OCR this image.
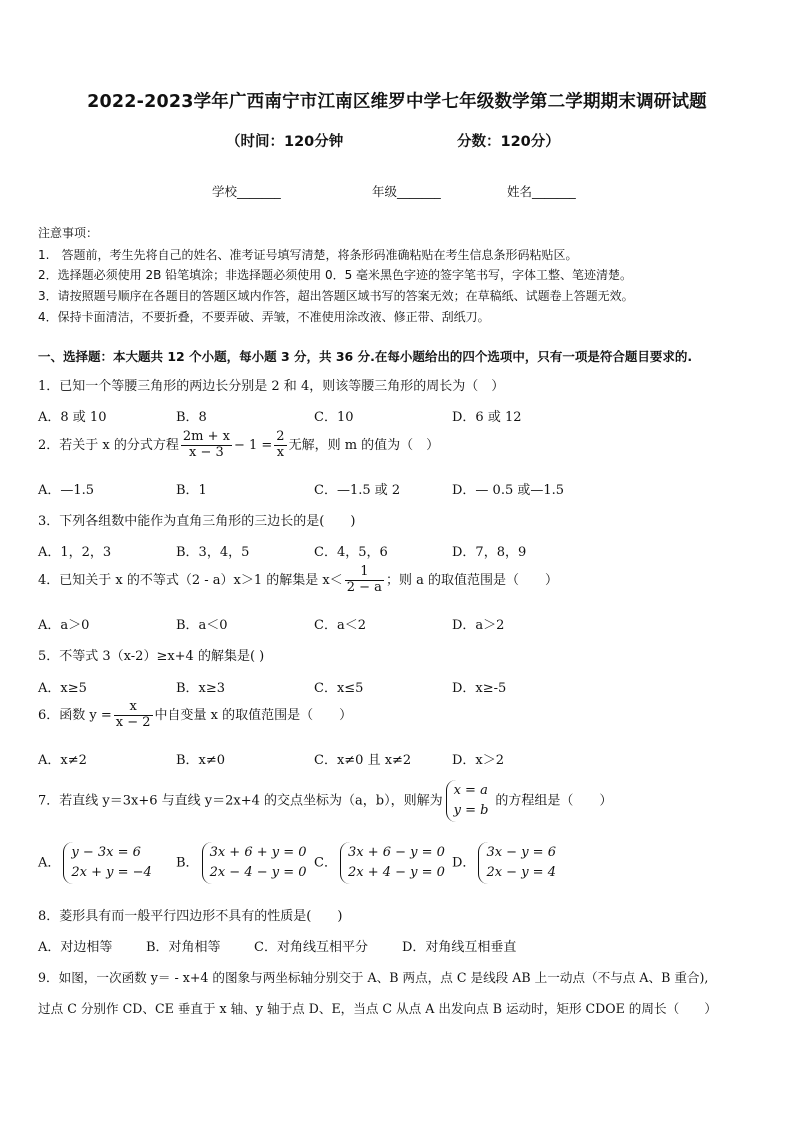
2022-2023学年广西南宁市江南区维罗中学七年级数学第二学期期末调研试题
（时间：120分钟	分数：120分）
学校_______	年级_______	姓名_______
注意事项：
1.　答题前，考生先将自己的姓名、准考证号填写清楚，将条形码准确粘贴在考生信息条形码粘贴区。
2．选择题必须使用 2B 铅笔填涂；非选择题必须使用 0．5 毫米黑色字迹的签字笔书写，字体工整、笔迹清楚。
3．请按照题号顺序在各题目的答题区域内作答，超出答题区域书写的答案无效；在草稿纸、试题卷上答题无效。
4．保持卡面清洁，不要折叠，不要弄破、弄皱，不准使用涂改液、修正带、刮纸刀。
一、选择题：本大题共 12 个小题，每小题 3 分，共 36 分.在每小题给出的四个选项中，只有一项是符合题目要求的.
1．已知一个等腰三角形的两边长分别是 2 和 4，则该等腰三角形的周长为（　）
A．8 或 10	B．8	C．10	D．6 或 12
2．若关于 x 的分式方程 $\frac{2m + x}{x - 3} - 1 = \frac{2}{x}$ 无解，则 m 的值为（　）
A．—1.5	B．1	C．—1.5 或 2	D．— 0.5 或—1.5
3．下列各组数中能作为直角三角形的三边长的是(　　)
A．1，2，3	B．3，4，5	C．4，5，6	D．7，8，9
4．已知关于 x 的不等式（2 - a）x＞1 的解集是 $x< \frac{1}{2 - a}$ ；则 a 的取值范围是（　　）
A．a＞0	B．a＜0	C．a＜2	D．a＞2
5．不等式 3（x-2）≥x+4 的解集是( )
A．x≥5	B．x≥3	C．x≤5	D．x≥-5
6．函数 $y = \frac{x}{x - 2}$ 中自变量 x 的取值范围是（　　）
A．x≠2	B．x≠0	C．x≠0 且 x≠2	D．x＞2
7．若直线 y＝3x+6 与直线 y＝2x+4 的交点坐标为（a，b），则解为
x = a
y = b
的方程组是（　　）
A．
y − 3x = 6
2x + y = −4
B．
3x + 6 + y = 0
2x − 4 − y = 0
C．
3x + 6 − y = 0
2x + 4 − y = 0
D．
3x − y = 6
2x − y = 4
8．菱形具有而一般平行四边形不具有的性质是(　　)
A．对边相等	B．对角相等	C．对角线互相平分	D．对角线互相垂直
9．如图，一次函数 y＝ - x+4 的图象与两坐标轴分别交于 A、B 两点，点 C 是线段 AB 上一动点（不与点 A、B 重合),
过点 C 分别作 CD、CE 垂直于 x 轴、y 轴于点 D、E，当点 C 从点 A 出发向点 B 运动时，矩形 CDOE 的周长（　　）
